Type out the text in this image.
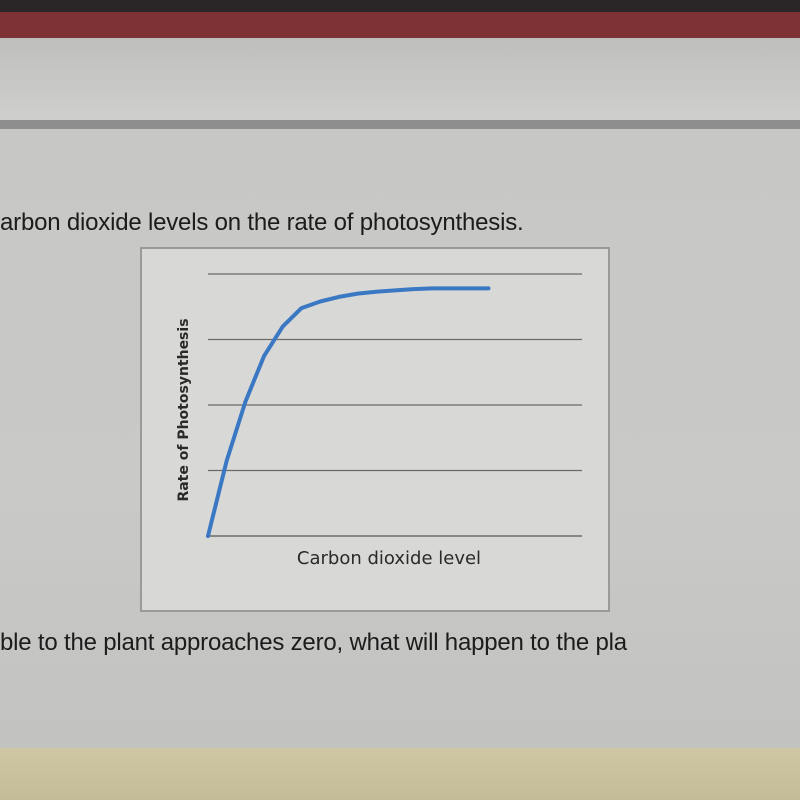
arbon dioxide levels on the rate of photosynthesis.
Rate of Photosynthesis
Carbon dioxide level
ble to the plant approaches zero, what will happen to the pla
